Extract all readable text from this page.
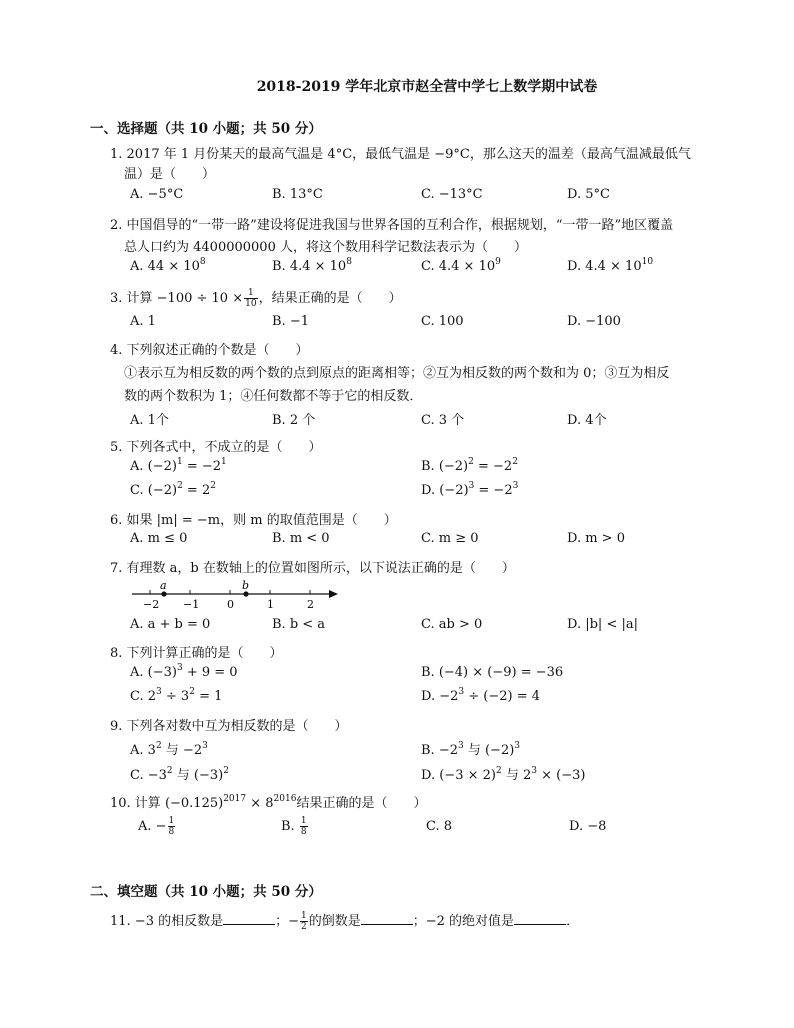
2018-2019 学年北京市赵全营中学七上数学期中试卷
一、选择题（共 10 小题；共 50 分）
1. 2017 年 1 月份某天的最高气温是 4°C，最低气温是 −9°C，那么这天的温差（最高气温减最低气
温）是（　　）
A. −5°C	B. 13°C	C. −13°C	D. 5°C
2. 中国倡导的“一带一路”建设将促进我国与世界各国的互利合作，根据规划，“一带一路”地区覆盖
总人口约为 4400000000 人，将这个数用科学记数法表示为（　　）
A. $44 \times 10^8$	B. $4.4 \times 10^8$	C. $4.4 \times 10^9$	D. $4.4 \times 10^{10}$
3. 计算 $-100 \div 10 \times \frac{1}{10}$ ，结果正确的是（　　）
A. 1	B. −1	C. 100	D. −100
4. 下列叙述正确的个数是（　　）
①表示互为相反数的两个数的点到原点的距离相等；②互为相反数的两个数和为 0；③互为相反
数的两个数积为 1；④任何数都不等于它的相反数．
A. 1个	B. 2 个	C. 3 个	D. 4个
5. 下列各式中，不成立的是（　　）
A. $(-2)^1 = -2^1$	B. $(-2)^2 = -2^2$
C. $(-2)^2 = 2^2$	D. $(-2)^3 = -2^3$
6. 如果 |m| = −m，则 m 的取值范围是（　　）
A. m ≤ 0	B. m < 0	C. m ≥ 0	D. m > 0
7. 有理数 a，b 在数轴上的位置如图所示，以下说法正确的是（　　）
a	b
−2 −1	0	1	2
A. a + b = 0	B. b < a	C. ab > 0	D. |b| < |a|
8. 下列计算正确的是（　　）
A. $(-3)^3 + 9 = 0$	B. (−4) × (−9) = −36
C. $2^3 \div 3^2 = 1$	D. $-2^3 \div (-2) = 4$
9. 下列各对数中互为相反数的是（　　）
A. $3^2$ 与 $-2^3$	B. $-2^3$ 与 $(-2)^3$
C. $-3^2$ 与 $(-3)^2$	D. $(-3 \times 2)^2$ 与 $2^3 \times (-3)$
10. 计算 $(-0.125)^{2017} \times 8^{2016}$结果正确的是（　　）
A. − $\frac{1}{8}$	B. $\frac{1}{8}$	C. 8	D. −8
二、填空题（共 10 小题；共 50 分）
11. −3 的相反数是	；− $\frac{1}{2}$ 的倒数是	；−2 的绝对值是	．
